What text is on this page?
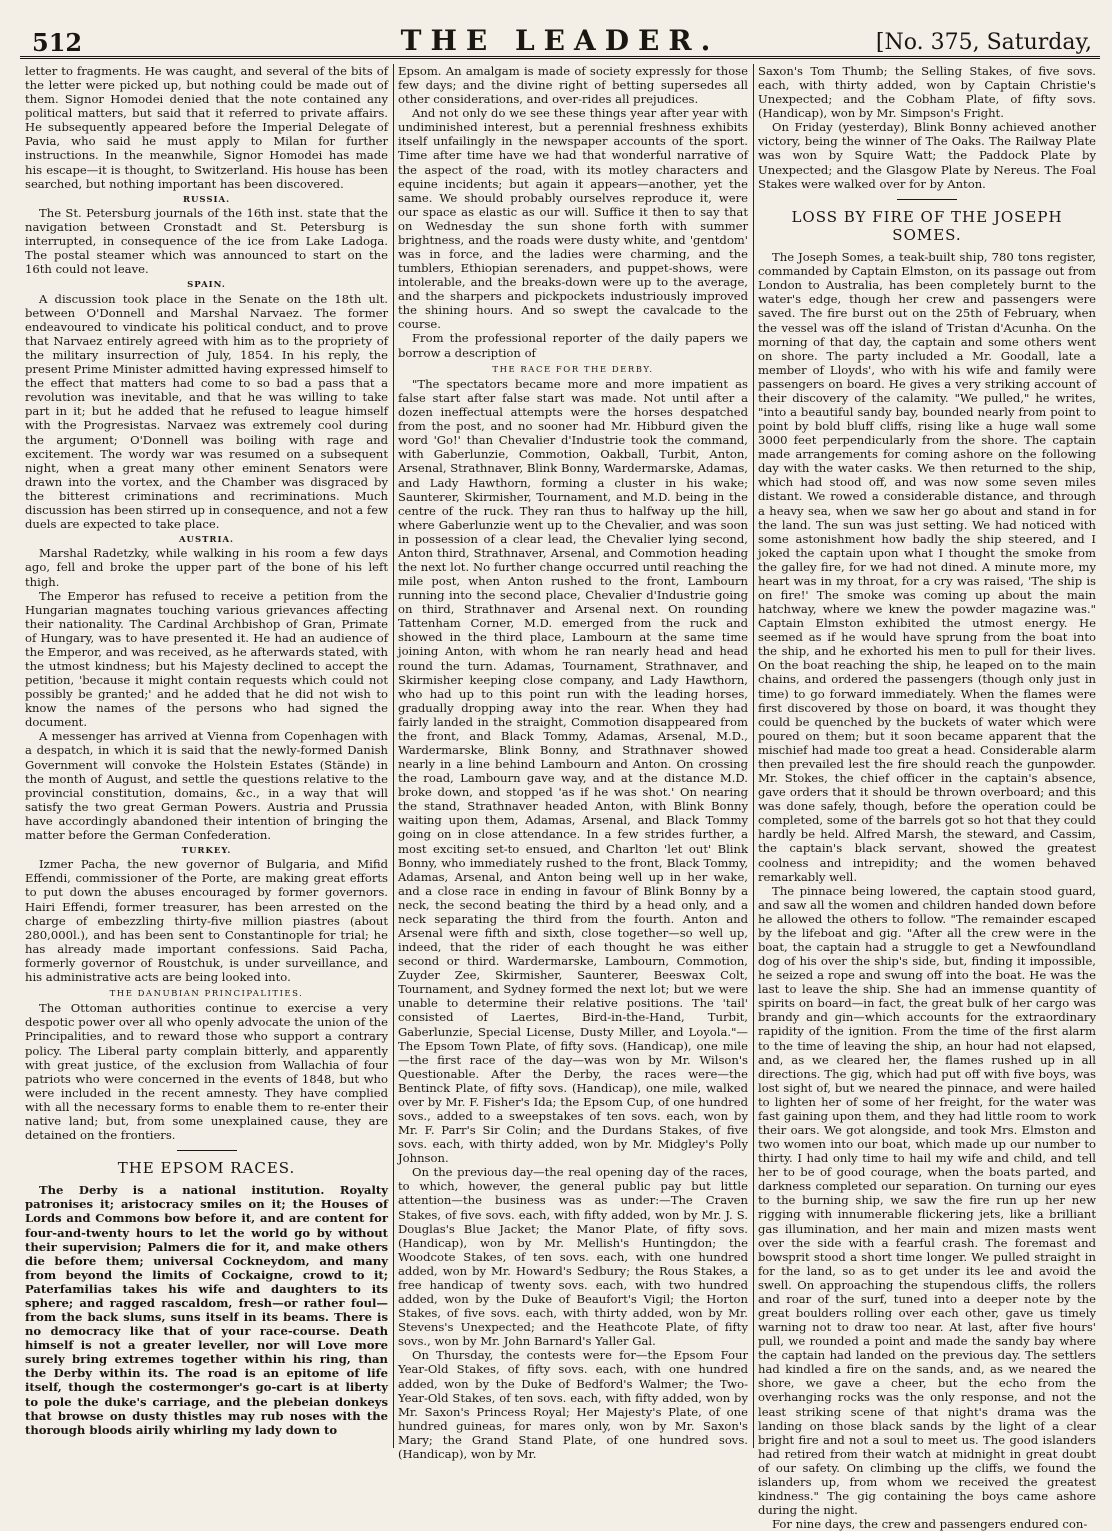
512	THE LEADER.	[No. 375, Saturday,

letter to fragments. He was caught, and several of the bits of the letter were picked up, but nothing could be made out of them. Signor Homodei denied that the note contained any political matters, but said that it referred to private affairs. He subsequently appeared before the Imperial Delegate of Pavia, who said he must apply to Milan for further instructions. In the meanwhile, Signor Homodei has made his escape—it is thought, to Switzerland. His house has been searched, but nothing important has been discovered.

RUSSIA.

The St. Petersburg journals of the 16th inst. state that the navigation between Cronstadt and St. Petersburg is interrupted, in consequence of the ice from Lake Ladoga. The postal steamer which was announced to start on the 16th could not leave.

SPAIN.

A discussion took place in the Senate on the 18th ult. between O'Donnell and Marshal Narvaez. The former endeavoured to vindicate his political conduct, and to prove that Narvaez entirely agreed with him as to the propriety of the military insurrection of July, 1854. In his reply, the present Prime Minister admitted having expressed himself to the effect that matters had come to so bad a pass that a revolution was inevitable, and that he was willing to take part in it; but he added that he refused to league himself with the Progresistas. Narvaez was extremely cool during the argument; O'Donnell was boiling with rage and excitement. The wordy war was resumed on a subsequent night, when a great many other eminent Senators were drawn into the vortex, and the Chamber was disgraced by the bitterest criminations and recriminations. Much discussion has been stirred up in consequence, and not a few duels are expected to take place.

AUSTRIA.

Marshal Radetzky, while walking in his room a few days ago, fell and broke the upper part of the bone of his left thigh.

The Emperor has refused to receive a petition from the Hungarian magnates touching various grievances affecting their nationality. The Cardinal Archbishop of Gran, Primate of Hungary, was to have presented it. He had an audience of the Emperor, and was received, as he afterwards stated, with the utmost kindness; but his Majesty declined to accept the petition, 'because it might contain requests which could not possibly be granted;' and he added that he did not wish to know the names of the persons who had signed the document.

A messenger has arrived at Vienna from Copenhagen with a despatch, in which it is said that the newly-formed Danish Government will convoke the Holstein Estates (Stände) in the month of August, and settle the questions relative to the provincial constitution, domains, &c., in a way that will satisfy the two great German Powers. Austria and Prussia have accordingly abandoned their intention of bringing the matter before the German Confederation.

TURKEY.

Izmer Pacha, the new governor of Bulgaria, and Mifid Effendi, commissioner of the Porte, are making great efforts to put down the abuses encouraged by former governors. Hairi Effendi, former treasurer, has been arrested on the charge of embezzling thirty-five million piastres (about 280,000l.), and has been sent to Constantinople for trial; he has already made important confessions. Said Pacha, formerly governor of Roustchuk, is under surveillance, and his administrative acts are being looked into.

THE DANUBIAN PRINCIPALITIES.

The Ottoman authorities continue to exercise a very despotic power over all who openly advocate the union of the Principalities, and to reward those who support a contrary policy. The Liberal party complain bitterly, and apparently with great justice, of the exclusion from Wallachia of four patriots who were concerned in the events of 1848, but who were included in the recent amnesty. They have complied with all the necessary forms to enable them to re-enter their native land; but, from some unexplained cause, they are detained on the frontiers.

THE EPSOM RACES.

The Derby is a national institution. Royalty patronises it; aristocracy smiles on it; the Houses of Lords and Commons bow before it, and are content for four-and-twenty hours to let the world go by without their supervision; Palmers die for it, and make others die before them; universal Cockneydom, and many from beyond the limits of Cockaigne, crowd to it; Paterfamilias takes his wife and daughters to its sphere; and ragged rascaldom, fresh—or rather foul—from the back slums, suns itself in its beams. There is no democracy like that of your race-course. Death himself is not a greater leveller, nor will Love more surely bring extremes together within his ring, than the Derby within its. The road is an epitome of life itself, though the costermonger's go-cart is at liberty to pole the duke's carriage, and the plebeian donkeys that browse on dusty thistles may rub noses with the thorough bloods airily whirling my lady down to

Epsom. An amalgam is made of society expressly for those few days; and the divine right of betting supersedes all other considerations, and over-rides all prejudices.

And not only do we see these things year after year with undiminished interest, but a perennial freshness exhibits itself unfailingly in the newspaper accounts of the sport. Time after time have we had that wonderful narrative of the aspect of the road, with its motley characters and equine incidents; but again it appears—another, yet the same. We should probably ourselves reproduce it, were our space as elastic as our will. Suffice it then to say that on Wednesday the sun shone forth with summer brightness, and the roads were dusty white, and 'gentdom' was in force, and the ladies were charming, and the tumblers, Ethiopian serenaders, and puppet-shows, were intolerable, and the breaks-down were up to the average, and the sharpers and pickpockets industriously improved the shining hours. And so swept the cavalcade to the course.

From the professional reporter of the daily papers we borrow a description of

THE RACE FOR THE DERBY.

"The spectators became more and more impatient as false start after false start was made. Not until after a dozen ineffectual attempts were the horses despatched from the post, and no sooner had Mr. Hibburd given the word 'Go!' than Chevalier d'Industrie took the command, with Gaberlunzie, Commotion, Oakball, Turbit, Anton, Arsenal, Strathnaver, Blink Bonny, Wardermarske, Adamas, and Lady Hawthorn, forming a cluster in his wake; Saunterer, Skirmisher, Tournament, and M.D. being in the centre of the ruck. They ran thus to halfway up the hill, where Gaberlunzie went up to the Chevalier, and was soon in possession of a clear lead, the Chevalier lying second, Anton third, Strathnaver, Arsenal, and Commotion heading the next lot. No further change occurred until reaching the mile post, when Anton rushed to the front, Lambourn running into the second place, Chevalier d'Industrie going on third, Strathnaver and Arsenal next. On rounding Tattenham Corner, M.D. emerged from the ruck and showed in the third place, Lambourn at the same time joining Anton, with whom he ran nearly head and head round the turn. Adamas, Tournament, Strathnaver, and Skirmisher keeping close company, and Lady Hawthorn, who had up to this point run with the leading horses, gradually dropping away into the rear. When they had fairly landed in the straight, Commotion disappeared from the front, and Black Tommy, Adamas, Arsenal, M.D., Wardermarske, Blink Bonny, and Strathnaver showed nearly in a line behind Lambourn and Anton. On crossing the road, Lambourn gave way, and at the distance M.D. broke down, and stopped 'as if he was shot.' On nearing the stand, Strathnaver headed Anton, with Blink Bonny waiting upon them, Adamas, Arsenal, and Black Tommy going on in close attendance. In a few strides further, a most exciting set-to ensued, and Charlton 'let out' Blink Bonny, who immediately rushed to the front, Black Tommy, Adamas, Arsenal, and Anton being well up in her wake, and a close race in ending in favour of Blink Bonny by a neck, the second beating the third by a head only, and a neck separating the third from the fourth. Anton and Arsenal were fifth and sixth, close together—so well up, indeed, that the rider of each thought he was either second or third. Wardermarske, Lambourn, Commotion, Zuyder Zee, Skirmisher, Saunterer, Beeswax Colt, Tournament, and Sydney formed the next lot; but we were unable to determine their relative positions. The 'tail' consisted of Laertes, Bird-in-the-Hand, Turbit, Gaberlunzie, Special License, Dusty Miller, and Loyola."—The Epsom Town Plate, of fifty sovs. (Handicap), one mile—the first race of the day—was won by Mr. Wilson's Questionable. After the Derby, the races were—the Bentinck Plate, of fifty sovs. (Handicap), one mile, walked over by Mr. F. Fisher's Ida; the Epsom Cup, of one hundred sovs., added to a sweepstakes of ten sovs. each, won by Mr. F. Parr's Sir Colin; and the Durdans Stakes, of five sovs. each, with thirty added, won by Mr. Midgley's Polly Johnson.

On the previous day—the real opening day of the races, to which, however, the general public pay but little attention—the business was as under:—The Craven Stakes, of five sovs. each, with fifty added, won by Mr. J. S. Douglas's Blue Jacket; the Manor Plate, of fifty sovs. (Handicap), won by Mr. Mellish's Huntingdon; the Woodcote Stakes, of ten sovs. each, with one hundred added, won by Mr. Howard's Sedbury; the Rous Stakes, a free handicap of twenty sovs. each, with two hundred added, won by the Duke of Beaufort's Vigil; the Horton Stakes, of five sovs. each, with thirty added, won by Mr. Stevens's Unexpected; and the Heathcote Plate, of fifty sovs., won by Mr. John Barnard's Yaller Gal.

On Thursday, the contests were for—the Epsom Four Year-Old Stakes, of fifty sovs. each, with one hundred added, won by the Duke of Bedford's Walmer; the Two-Year-Old Stakes, of ten sovs. each, with fifty added, won by Mr. Saxon's Princess Royal; Her Majesty's Plate, of one hundred guineas, for mares only, won by Mr. Saxon's Mary; the Grand Stand Plate, of one hundred sovs. (Handicap), won by Mr.

Saxon's Tom Thumb; the Selling Stakes, of five sovs. each, with thirty added, won by Captain Christie's Unexpected; and the Cobham Plate, of fifty sovs. (Handicap), won by Mr. Simpson's Fright.

On Friday (yesterday), Blink Bonny achieved another victory, being the winner of The Oaks. The Railway Plate was won by Squire Watt; the Paddock Plate by Unexpected; and the Glasgow Plate by Nereus. The Foal Stakes were walked over for by Anton.

LOSS BY FIRE OF THE JOSEPH SOMES.

The Joseph Somes, a teak-built ship, 780 tons register, commanded by Captain Elmston, on its passage out from London to Australia, has been completely burnt to the water's edge, though her crew and passengers were saved. The fire burst out on the 25th of February, when the vessel was off the island of Tristan d'Acunha. On the morning of that day, the captain and some others went on shore. The party included a Mr. Goodall, late a member of Lloyds', who with his wife and family were passengers on board. He gives a very striking account of their discovery of the calamity. "We pulled," he writes, "into a beautiful sandy bay, bounded nearly from point to point by bold bluff cliffs, rising like a huge wall some 3000 feet perpendicularly from the shore. The captain made arrangements for coming ashore on the following day with the water casks. We then returned to the ship, which had stood off, and was now some seven miles distant. We rowed a considerable distance, and through a heavy sea, when we saw her go about and stand in for the land. The sun was just setting. We had noticed with some astonishment how badly the ship steered, and I joked the captain upon what I thought the smoke from the galley fire, for we had not dined. A minute more, my heart was in my throat, for a cry was raised, 'The ship is on fire!' The smoke was coming up about the main hatchway, where we knew the powder magazine was." Captain Elmston exhibited the utmost energy. He seemed as if he would have sprung from the boat into the ship, and he exhorted his men to pull for their lives. On the boat reaching the ship, he leaped on to the main chains, and ordered the passengers (though only just in time) to go forward immediately. When the flames were first discovered by those on board, it was thought they could be quenched by the buckets of water which were poured on them; but it soon became apparent that the mischief had made too great a head. Considerable alarm then prevailed lest the fire should reach the gunpowder. Mr. Stokes, the chief officer in the captain's absence, gave orders that it should be thrown overboard; and this was done safely, though, before the operation could be completed, some of the barrels got so hot that they could hardly be held. Alfred Marsh, the steward, and Cassim, the captain's black servant, showed the greatest coolness and intrepidity; and the women behaved remarkably well.

The pinnace being lowered, the captain stood guard, and saw all the women and children handed down before he allowed the others to follow. "The remainder escaped by the lifeboat and gig. "After all the crew were in the boat, the captain had a struggle to get a Newfoundland dog of his over the ship's side, but, finding it impossible, he seized a rope and swung off into the boat. He was the last to leave the ship. She had an immense quantity of spirits on board—in fact, the great bulk of her cargo was brandy and gin—which accounts for the extraordinary rapidity of the ignition. From the time of the first alarm to the time of leaving the ship, an hour had not elapsed, and, as we cleared her, the flames rushed up in all directions. The gig, which had put off with five boys, was lost sight of, but we neared the pinnace, and were hailed to lighten her of some of her freight, for the water was fast gaining upon them, and they had little room to work their oars. We got alongside, and took Mrs. Elmston and two women into our boat, which made up our number to thirty. I had only time to hail my wife and child, and tell her to be of good courage, when the boats parted, and darkness completed our separation. On turning our eyes to the burning ship, we saw the fire run up her new rigging with innumerable flickering jets, like a brilliant gas illumination, and her main and mizen masts went over the side with a fearful crash. The foremast and bowsprit stood a short time longer. We pulled straight in for the land, so as to get under its lee and avoid the swell. On approaching the stupendous cliffs, the rollers and roar of the surf, tuned into a deeper note by the great boulders rolling over each other, gave us timely warning not to draw too near. At last, after five hours' pull, we rounded a point and made the sandy bay where the captain had landed on the previous day. The settlers had kindled a fire on the sands, and, as we neared the shore, we gave a cheer, but the echo from the overhanging rocks was the only response, and not the least striking scene of that night's drama was the landing on those black sands by the light of a clear bright fire and not a soul to meet us. The good islanders had retired from their watch at midnight in great doubt of our safety. On climbing up the cliffs, we found the islanders up, from whom we received the greatest kindness." The gig containing the boys came ashore during the night.

For nine days, the crew and passengers endured con-
